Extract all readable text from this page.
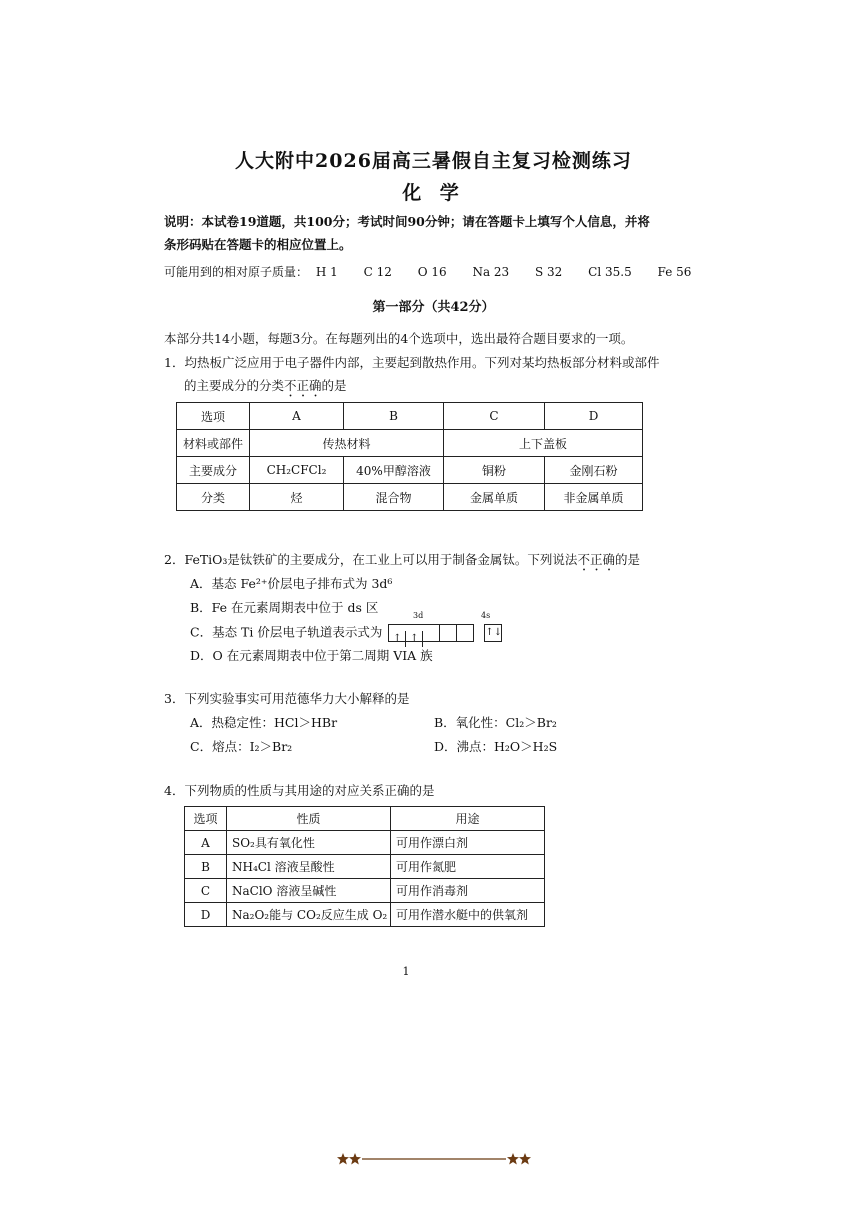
人大附中2026届高三暑假自主复习检测练习
化 学
说明：本试卷19道题，共100分；考试时间90分钟；请在答题卡上填写个人信息，并将
条形码贴在答题卡的相应位置上。
可能用到的相对原子质量： H 1 C 12 O 16 Na 23 S 32 Cl 35.5 Fe 56
第一部分（共42分）
本部分共14小题，每题3分。在每题列出的4个选项中，选出最符合题目要求的一项。
1．均热板广泛应用于电子器件内部，主要起到散热作用。下列对某均热板部分材料或部件
的主要成分的分类不正确的是
选项	A	B	C	D
材料或部件	传热材料		上下盖板	
主要成分	CH₂CFCl₂	40%甲醇溶液	铜粉	金刚石粉
分类	烃	混合物	金属单质	非金属单质
2．FeTiO₃是钛铁矿的主要成分，在工业上可以用于制备金属钛。下列说法不正确的是
A．基态 Fe²⁺价层电子排布式为 3d⁶
B．Fe 在元素周期表中位于 ds 区
3d	4s
C．基态 Ti 价层电子轨道表示式为 ↑ ↑ ↑↓
D．O 在元素周期表中位于第二周期 VIA 族
3．下列实验事实可用范德华力大小解释的是
A．热稳定性：HCl＞HBr	B．氧化性：Cl₂＞Br₂
C．熔点：I₂＞Br₂	D．沸点：H₂O＞H₂S
4．下列物质的性质与其用途的对应关系正确的是
选项	性质	用途
A	SO₂具有氧化性	可用作漂白剂
B	NH₄Cl 溶液呈酸性	可用作氮肥
C	NaClO 溶液呈碱性	可用作消毒剂
D	Na₂O₂能与 CO₂反应生成 O₂	可用作潜水艇中的供氧剂
1
